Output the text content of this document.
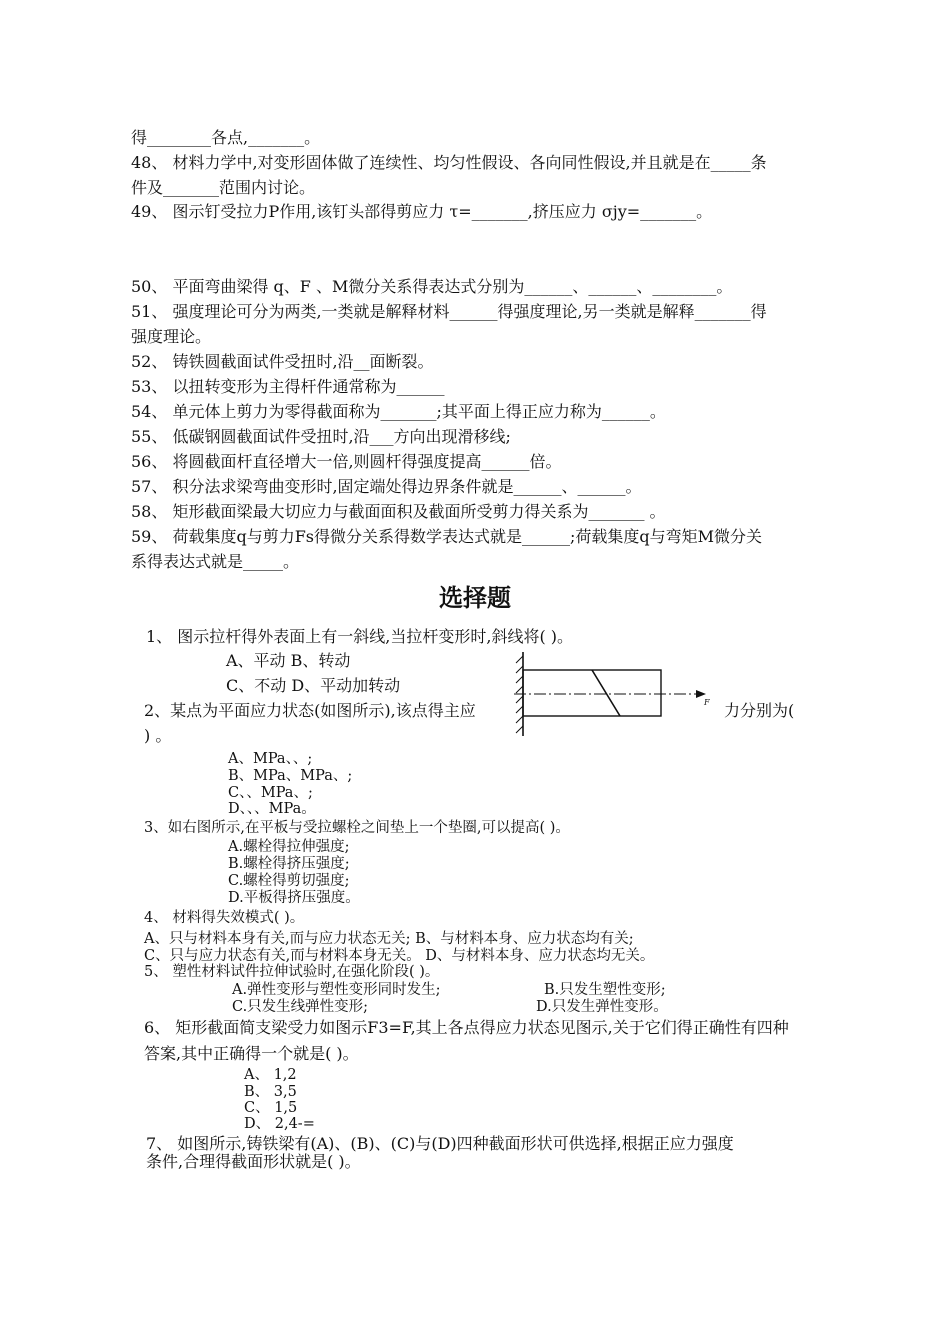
得________各点,_______。
48、 材料力学中,对变形固体做了连续性、均匀性假设、各向同性假设,并且就是在_____条
件及_______范围内讨论。
49、 图示钉受拉力P作用,该钉头部得剪应力 τ=_______,挤压应力 σjy=_______。
50、 平面弯曲梁得 q、F 、M微分关系得表达式分别为______、______、________。
51、 强度理论可分为两类,一类就是解释材料______得强度理论,另一类就是解释_______得
强度理论。
52、 铸铁圆截面试件受扭时,沿__面断裂。
53、 以扭转变形为主得杆件通常称为______
54、 单元体上剪力为零得截面称为_______;其平面上得正应力称为______。
55、 低碳钢圆截面试件受扭时,沿___方向出现滑移线;
56、 将圆截面杆直径增大一倍,则圆杆得强度提高______倍。
57、 积分法求梁弯曲变形时,固定端处得边界条件就是______、______。
58、 矩形截面梁最大切应力与截面面积及截面所受剪力得关系为_______ 。
59、 荷载集度q与剪力Fs得微分关系得数学表达式就是______;荷载集度q与弯矩M微分关
系得表达式就是_____。
选择题
1、 图示拉杆得外表面上有一斜线,当拉杆变形时,斜线将( )。
A、平动 B、转动
C、不动 D、平动加转动
2、某点为平面应力状态(如图所示),该点得主应	力分别为(
) 。
F
A、MPa、、;
B、MPa、MPa、;
C、、MPa、;
D、、、MPa。
3、如右图所示,在平板与受拉螺栓之间垫上一个垫圈,可以提高( )。
A.螺栓得拉伸强度;
B.螺栓得挤压强度;
C.螺栓得剪切强度;
D.平板得挤压强度。
4、 材料得失效模式( )。
A、只与材料本身有关,而与应力状态无关; B、与材料本身、应力状态均有关;
C、只与应力状态有关,而与材料本身无关。 D、与材料本身、应力状态均无关。
5、 塑性材料试件拉伸试验时,在强化阶段( )。
A.弹性变形与塑性变形同时发生;	B.只发生塑性变形;
C.只发生线弹性变形;	D.只发生弹性变形。
6、 矩形截面简支梁受力如图示F3=F,其上各点得应力状态见图示,关于它们得正确性有四种
答案,其中正确得一个就是( )。
A、 1,2
B、 3,5
C、 1,5
D、 2,4-=
7、 如图所示,铸铁梁有(A)、(B)、(C)与(D)四种截面形状可供选择,根据正应力强度
条件,合理得截面形状就是( )。
